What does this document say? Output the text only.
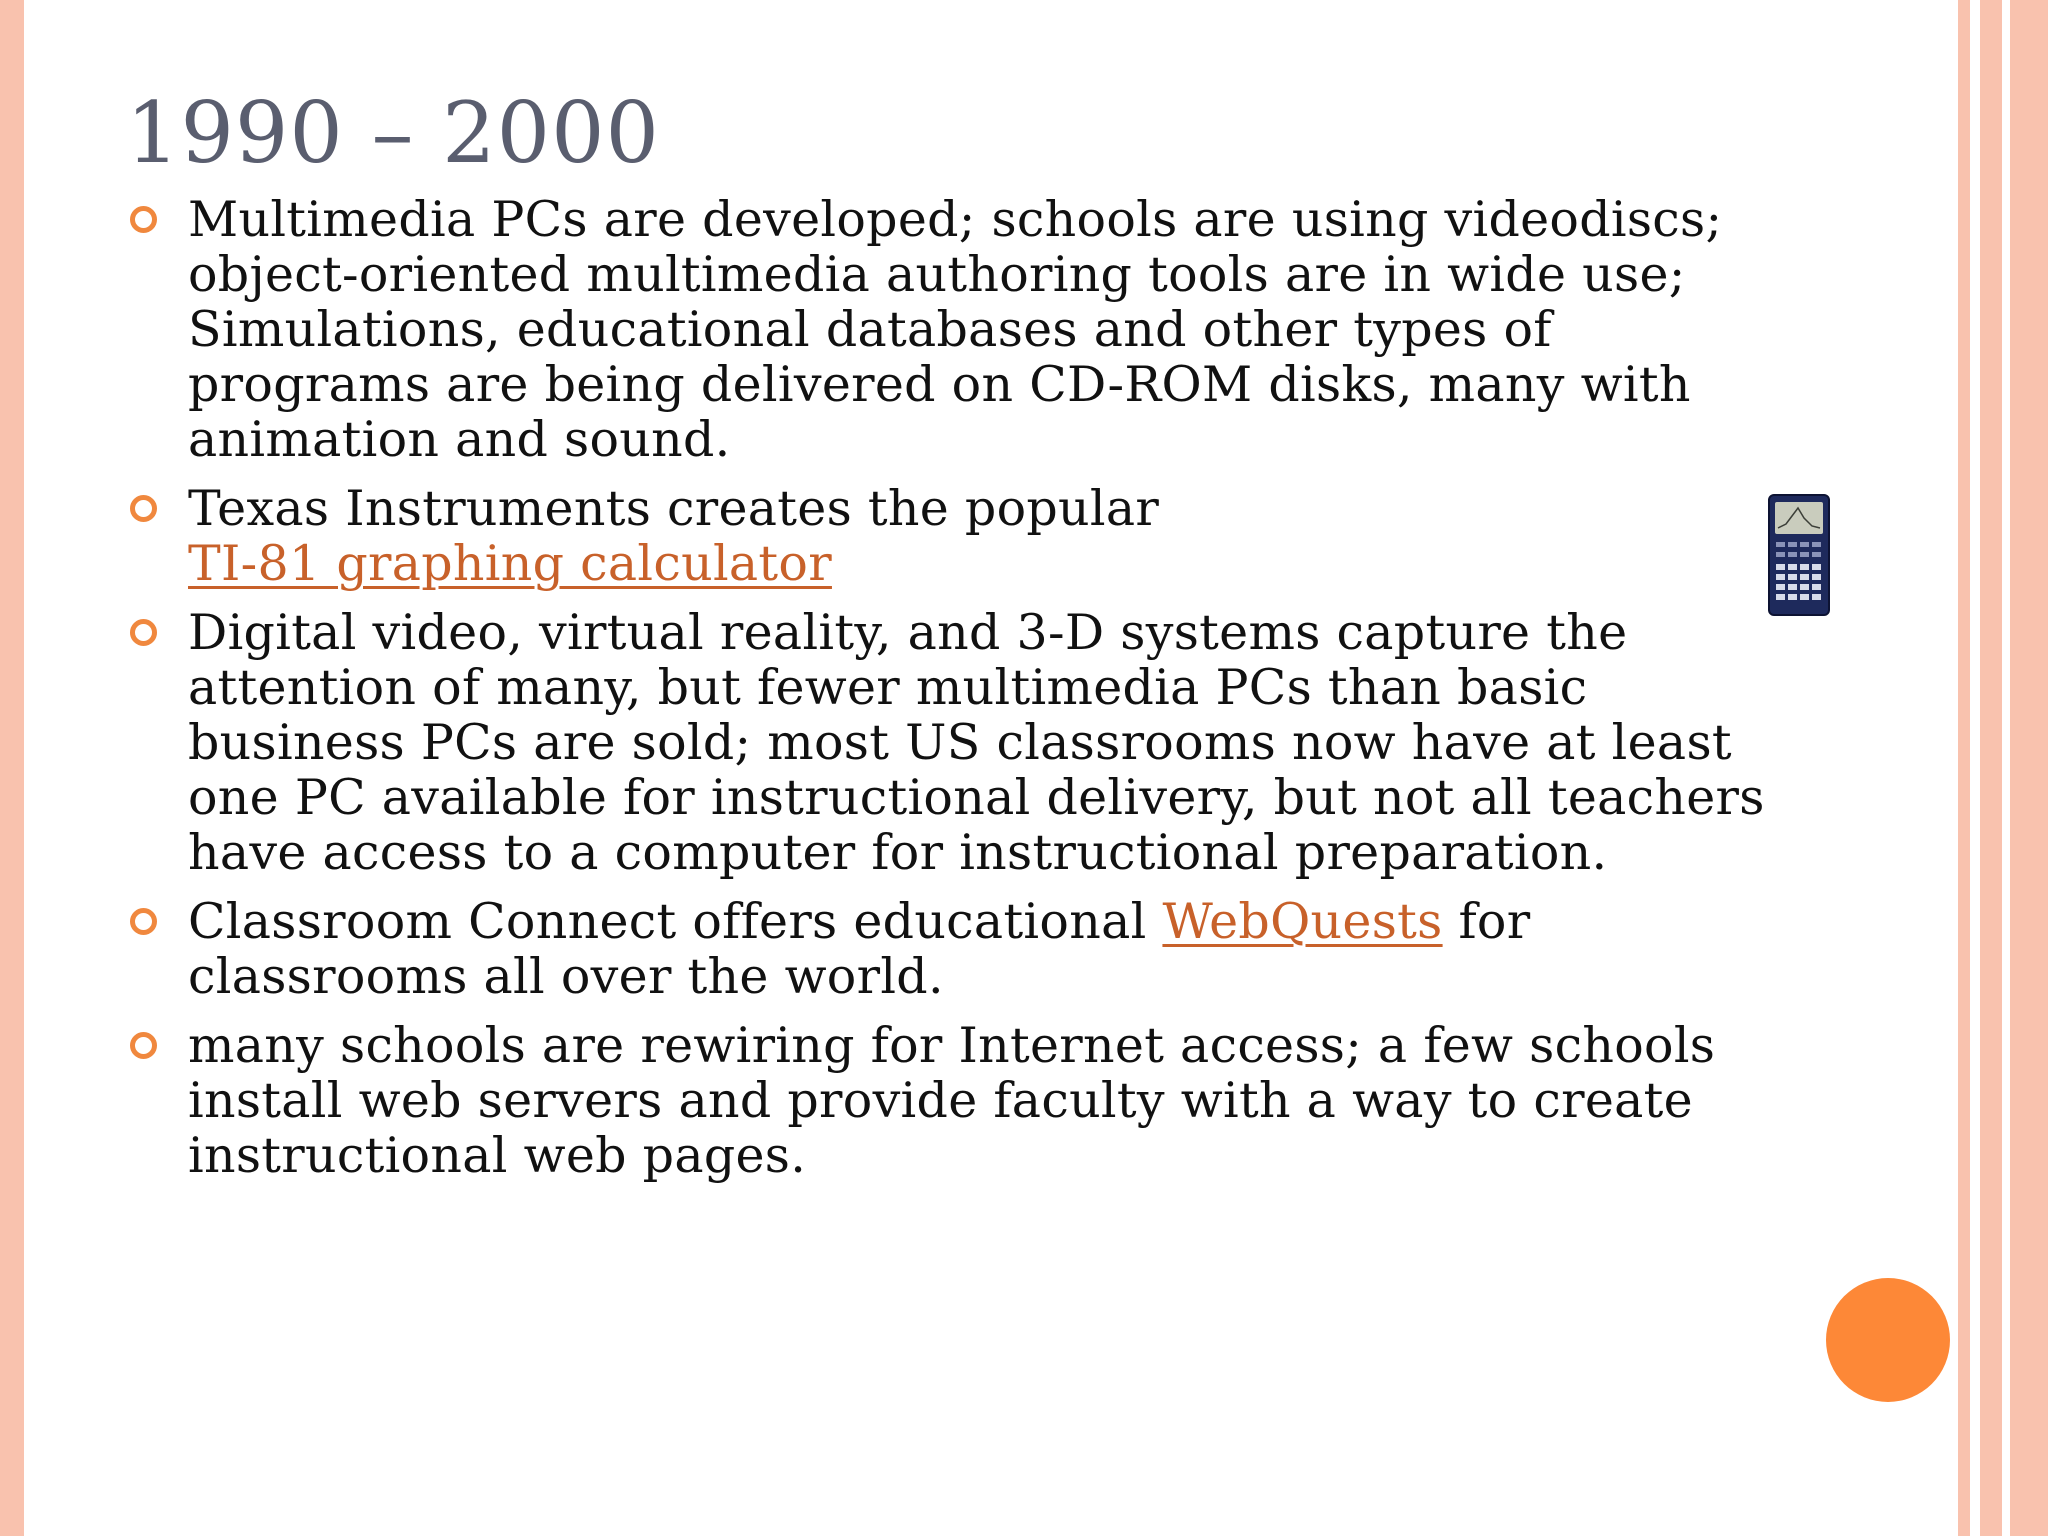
1990 – 2000
Multimedia PCs are developed; schools are using videodiscs; object-oriented multimedia authoring tools are in wide use; Simulations, educational databases and other types of programs are being delivered on CD-ROM disks, many with animation and sound.
Texas Instruments creates the popular
TI-81 graphing calculator
Digital video, virtual reality, and 3-D systems capture the attention of many, but fewer multimedia PCs than basic business PCs are sold; most US classrooms now have at least one PC available for instructional delivery, but not all teachers have access to a computer for instructional preparation.
Classroom Connect offers educational WebQuests for classrooms all over the world.
many schools are rewiring for Internet access; a few schools install web servers and provide faculty with a way to create instructional web pages.
